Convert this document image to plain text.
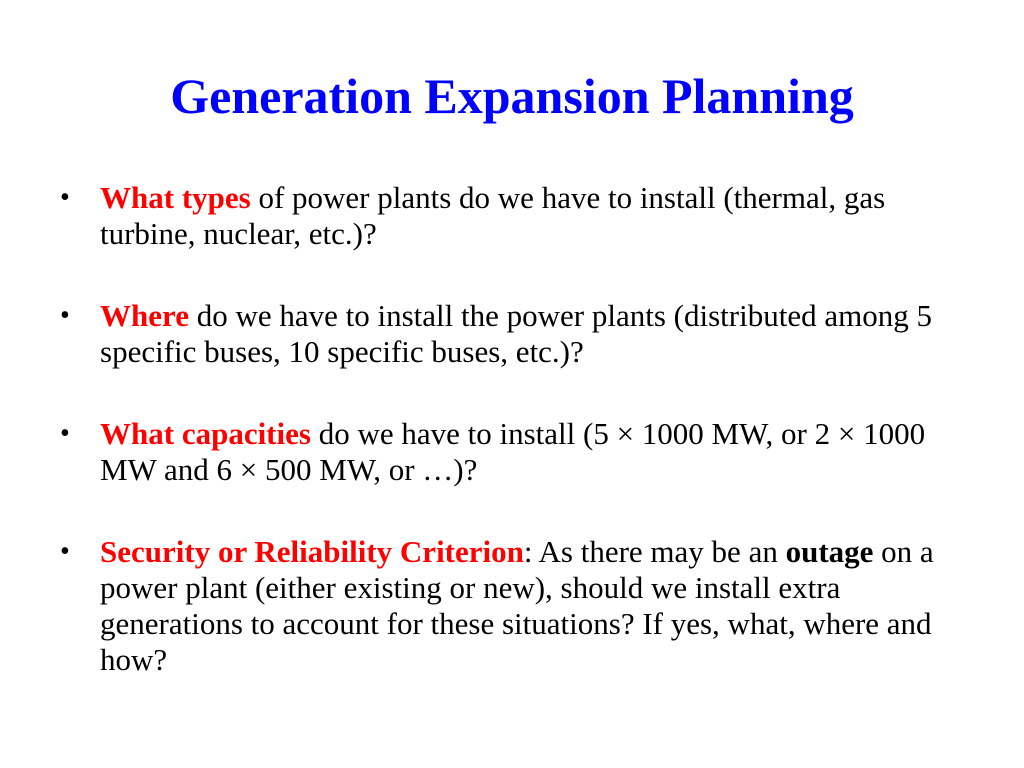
Generation Expansion Planning
• What types of power plants do we have to install (thermal, gas turbine, nuclear, etc.)?
• Where do we have to install the power plants (distributed among 5 specific buses, 10 specific buses, etc.)?
• What capacities do we have to install (5 × 1000 MW, or 2 × 1000 MW and 6 × 500 MW, or …)?
• Security or Reliability Criterion: As there may be an outage on a power plant (either existing or new), should we install extra generations to account for these situations? If yes, what, where and how?
